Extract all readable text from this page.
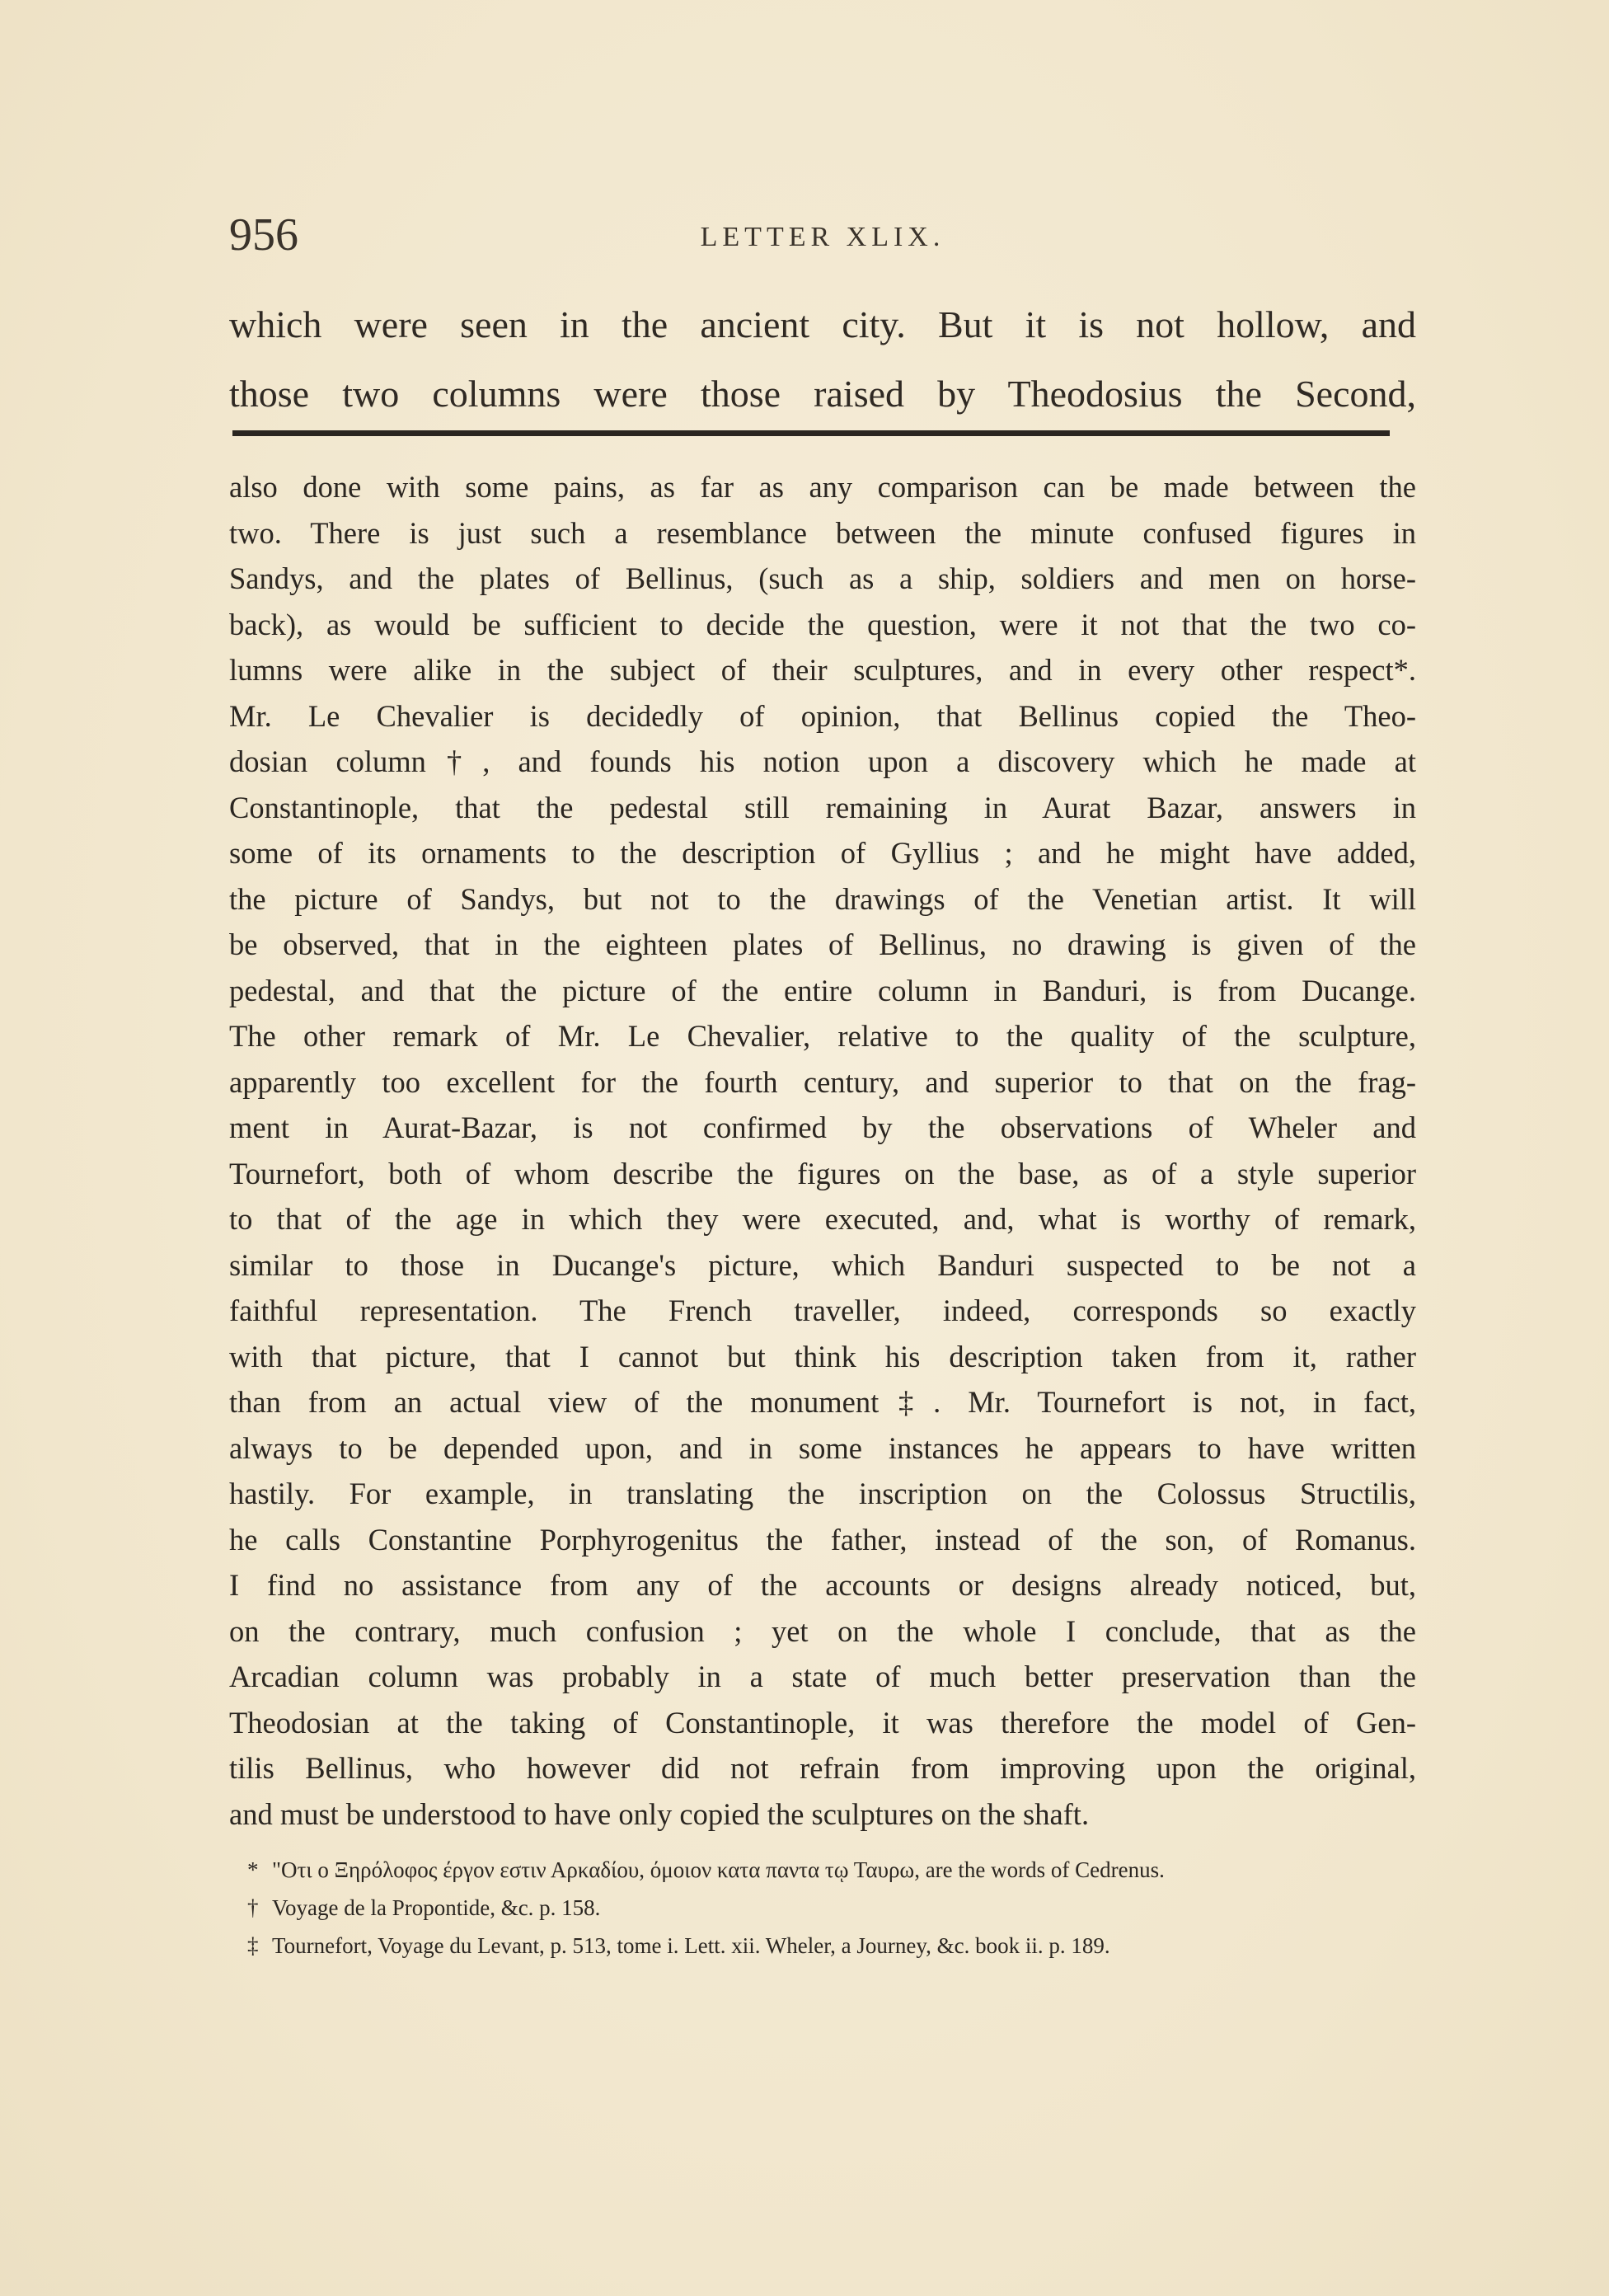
956	LETTER XLIX.
which were seen in the ancient city. But it is not hollow, and
those two columns were those raised by Theodosius the Second,
also done with some pains, as far as any comparison can be made between the
two. There is just such a resemblance between the minute confused figures in
Sandys, and the plates of Bellinus, (such as a ship, soldiers and men on horse-
back), as would be sufficient to decide the question, were it not that the two co-
lumns were alike in the subject of their sculptures, and in every other respect*.
Mr. Le Chevalier is decidedly of opinion, that Bellinus copied the Theo-
dosian column†, and founds his notion upon a discovery which he made at
Constantinople, that the pedestal still remaining in Aurat Bazar, answers in
some of its ornaments to the description of Gyllius ; and he might have added,
the picture of Sandys, but not to the drawings of the Venetian artist. It will
be observed, that in the eighteen plates of Bellinus, no drawing is given of the
pedestal, and that the picture of the entire column in Banduri, is from Ducange.
The other remark of Mr. Le Chevalier, relative to the quality of the sculpture,
apparently too excellent for the fourth century, and superior to that on the frag-
ment in Aurat-Bazar, is not confirmed by the observations of Wheler and
Tournefort, both of whom describe the figures on the base, as of a style superior
to that of the age in which they were executed, and, what is worthy of remark,
similar to those in Ducange's picture, which Banduri suspected to be not a
faithful representation. The French traveller, indeed, corresponds so exactly
with that picture, that I cannot but think his description taken from it, rather
than from an actual view of the monument‡. Mr. Tournefort is not, in fact,
always to be depended upon, and in some instances he appears to have written
hastily. For example, in translating the inscription on the Colossus Structilis,
he calls Constantine Porphyrogenitus the father, instead of the son, of Romanus.
I find no assistance from any of the accounts or designs already noticed, but,
on the contrary, much confusion ; yet on the whole I conclude, that as the
Arcadian column was probably in a state of much better preservation than the
Theodosian at the taking of Constantinople, it was therefore the model of Gen-
tilis Bellinus, who however did not refrain from improving upon the original,
and must be understood to have only copied the sculptures on the shaft.
* "Οτι ο Ξηρόλοφος έργον εστιν Αρκαδίου, όμοιον κατα παντα τῳ Ταυρω, are the words of Cedrenus.
† Voyage de la Propontide, &c. p. 158.
‡ Tournefort, Voyage du Levant, p. 513, tome i. Lett. xii. Wheler, a Journey, &c. book ii. p. 189.
